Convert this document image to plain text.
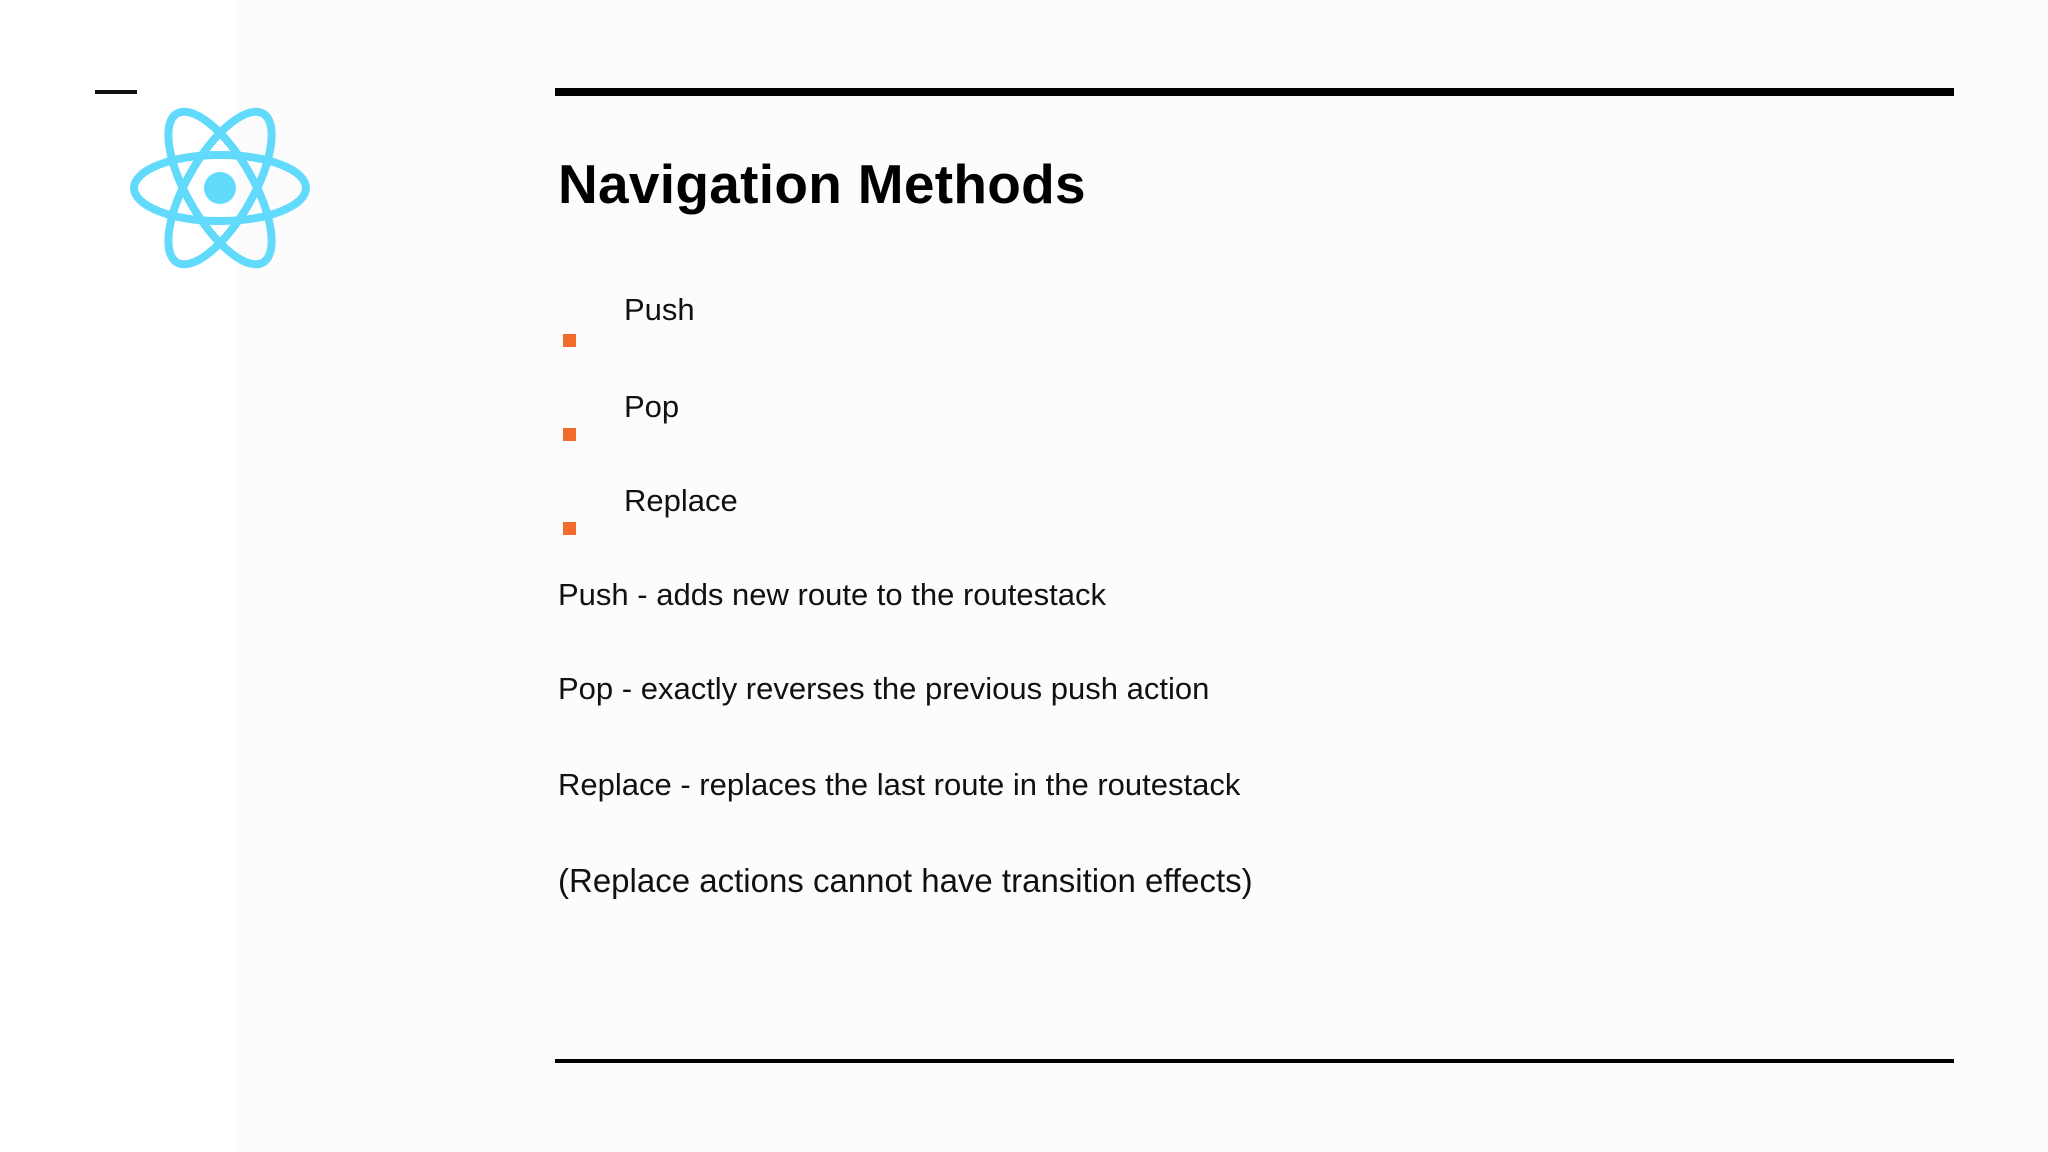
Navigation Methods
Push
Pop
Replace
Push - adds new route to the routestack
Pop - exactly reverses the previous push action
Replace - replaces the last route in the routestack
(Replace actions cannot have transition effects)
